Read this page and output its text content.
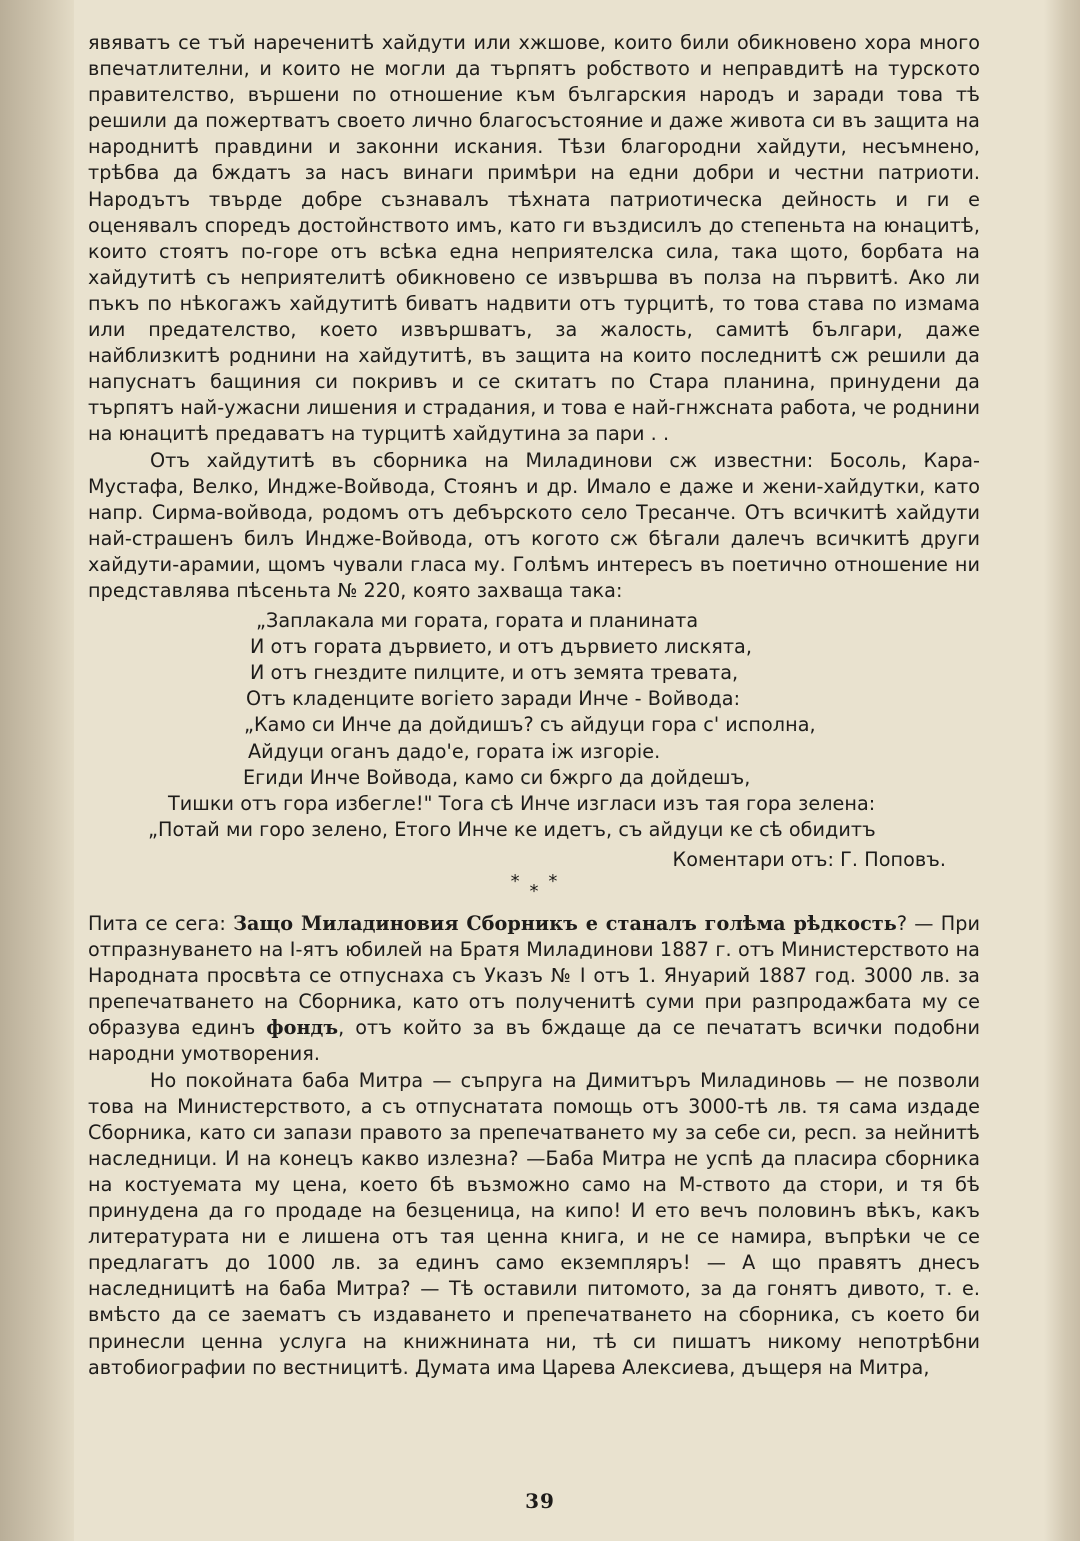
явяватъ се тъй нареченитѣ хайдути или хжшове, които били обикновено хора много впечатлителни, и които не могли да търпятъ робството и неправдитѣ на турското правителство, вършени по отношение към българския народъ и заради това тѣ решили да пожертватъ своето лично благосъстояние и даже живота си въ защита на народнитѣ правдини и законни искания. Тѣзи благородни хайдути, несъмнено, трѣбва да бждатъ за насъ винаги примѣри на едни добри и честни патриоти. Народътъ твърде добре съзнавалъ тѣхната патриотическа дейность и ги е оценявалъ споредъ достойнството имъ, като ги въздисилъ до степеньта на юнацитѣ, които стоятъ по-горе отъ всѣка една неприятелска сила, така щото, борбата на хайдутитѣ съ неприятелитѣ обикновено се извършва въ полза на първитѣ. Ако ли пъкъ по нѣкогажъ хайдутитѣ биватъ надвити отъ турцитѣ, то това става по измама или предателство, което извършватъ, за жалость, самитѣ българи, даже найблизкитѣ роднини на хайдутитѣ, въ защита на които последнитѣ сж решили да напуснатъ бащиния си покривъ и се скитатъ по Стара планина, принудени да търпятъ най-ужасни лишения и страдания, и това е най-гнжсната работа, че роднини на юнацитѣ предаватъ на турцитѣ хайдутина за пари . .

Отъ хайдутитѣ въ сборника на Миладинови сж известни: Босоль, Кара-Мустафа, Велко, Индже-Войвода, Стоянъ и др. Имало е даже и жени-хайдутки, като напр. Сирма-войвода, родомъ отъ дебърското село Тресанче. Отъ всичкитѣ хайдути най-страшенъ билъ Индже-Войвода, отъ когото сж бѣгали далечъ всичкитѣ други хайдути-арамии, щомъ чували гласа му. Голѣмъ интересъ въ поетично отношение ни представлява пѣсеньта № 220, която захваща така:

„Заплакала ми гората, гората и планината
И отъ гората дървието, и отъ дървието лискята,
И отъ гнездите пилците, и отъ земята тревата,
Отъ кладенците вогieто заради Инче - Войвода:
„Камо си Инче да дойдишъ? съ айдуци гора с' исполна,
Айдуци оганъ дадо'е, гората iж изгорiе.
Егиди Инче Войвода, камо си бжрго да дойдешъ,
Тишки отъ гора избегле!" Тога сѣ Инче изгласи изъ тая гора зелена:
„Потай ми горо зелено, Етого Инче ке идетъ, съ айдуци ке сѣ обидитъ
Коментари отъ: Г. Поповъ.
* * *

Пита се сега: Защо Миладиновия Сборникъ е станалъ голѣма рѣдкость? — При отпразнуването на I-ятъ юбилей на Братя Миладинови 1887 г. отъ Министерството на Народната просвѣта се отпуснаха съ Указъ № I отъ 1. Януарий 1887 год. 3000 лв. за препечатването на Сборника, като отъ полученитѣ суми при разпродажбата му се образува единъ фондъ, отъ който за въ бждаще да се печататъ всички подобни народни умотворения.

Но покойната баба Митра — съпруга на Димитъръ Миладиновь — не позволи това на Министерството, а съ отпуснатата помощь отъ 3000-тѣ лв. тя сама издаде Сборника, като си запази правото за препечатването му за себе си, респ. за нейнитѣ наследници. И на конецъ какво излезна? —Баба Митра не успѣ да пласира сборника на костуемата му цена, което бѣ възможно само на М-ството да стори, и тя бѣ принудена да го продаде на безценица, на кипо! И ето вечъ половинъ вѣкъ, какъ литературата ни е лишена отъ тая ценна книга, и не се намира, въпрѣки че се предлагатъ до 1000 лв. за единъ само екземпляръ! — А що правятъ днесъ наследницитѣ на баба Митра? — Тѣ оставили питомото, за да гонятъ дивото, т. е. вмѣсто да се заематъ съ издаването и препечатването на сборника, съ което би принесли ценна услуга на книжнината ни, тѣ си пишатъ никому непотрѣбни автобиографии по вестницитѣ. Думата има Царева Алексиева, дъщеря на Митра,

39
